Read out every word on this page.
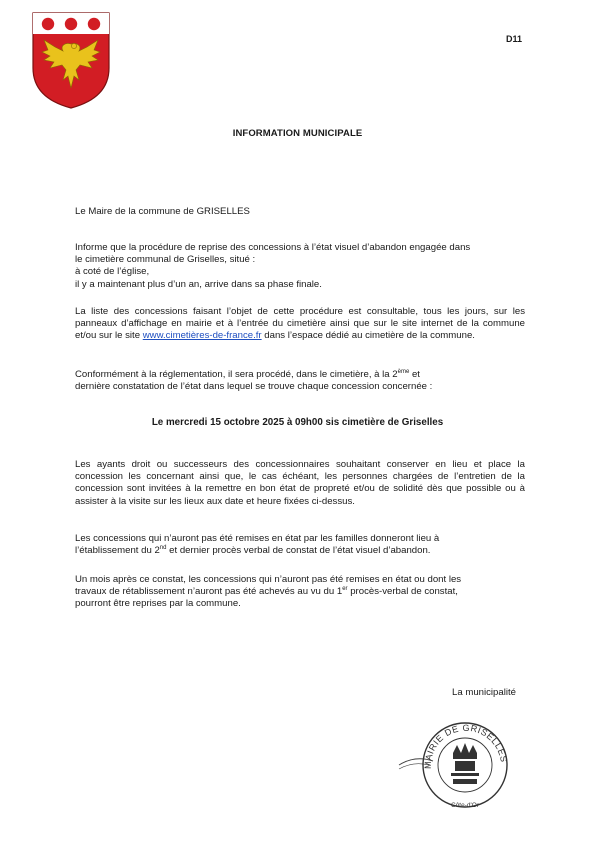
D11
INFORMATION MUNICIPALE
Le Maire de la commune de GRISELLES

Informe que la procédure de reprise des concessions à l’état visuel d’abandon engagée dans

le cimetière communal de Griselles, situé :

à coté de l’église,

il y a maintenant plus d’un an, arrive dans sa phase finale.

La liste des concessions faisant l’objet de cette procédure est consultable, tous les jours, sur les panneaux d’affichage en mairie et à l’entrée du cimetière ainsi que sur le site internet de la commune et/ou sur le site www.cimetières-de-france.fr dans l’espace dédié au cimetière de la commune.

Conformément à la réglementation, il sera procédé, dans le cimetière, à la 2ème et

dernière constatation de l’état dans lequel se trouve chaque concession concernée :

Le mercredi 15 octobre 2025 à 09h00 sis cimetière de Griselles
Les ayants droit ou successeurs des concessionnaires souhaitant conserver en lieu et place la concession les concernant ainsi que, le cas échéant, les personnes chargées de l’entretien de la concession sont invitées à la remettre en bon état de propreté et/ou de solidité dès que possible ou à assister à la visite sur les lieux aux date et heure fixées ci-dessus.

Les concessions qui n’auront pas été remises en état par les familles donneront lieu à

l’établissement du 2nd et dernier procès verbal de constat de l’état visuel d’abandon.

Un mois après ce constat, les concessions qui n’auront pas été remises en état ou dont les

travaux de rétablissement n’auront pas été achevés au vu du 1er procès-verbal de constat,

pourront être reprises par la commune.

La municipalité
MAIRIE DE GRISELLES
Côte-d'Or
